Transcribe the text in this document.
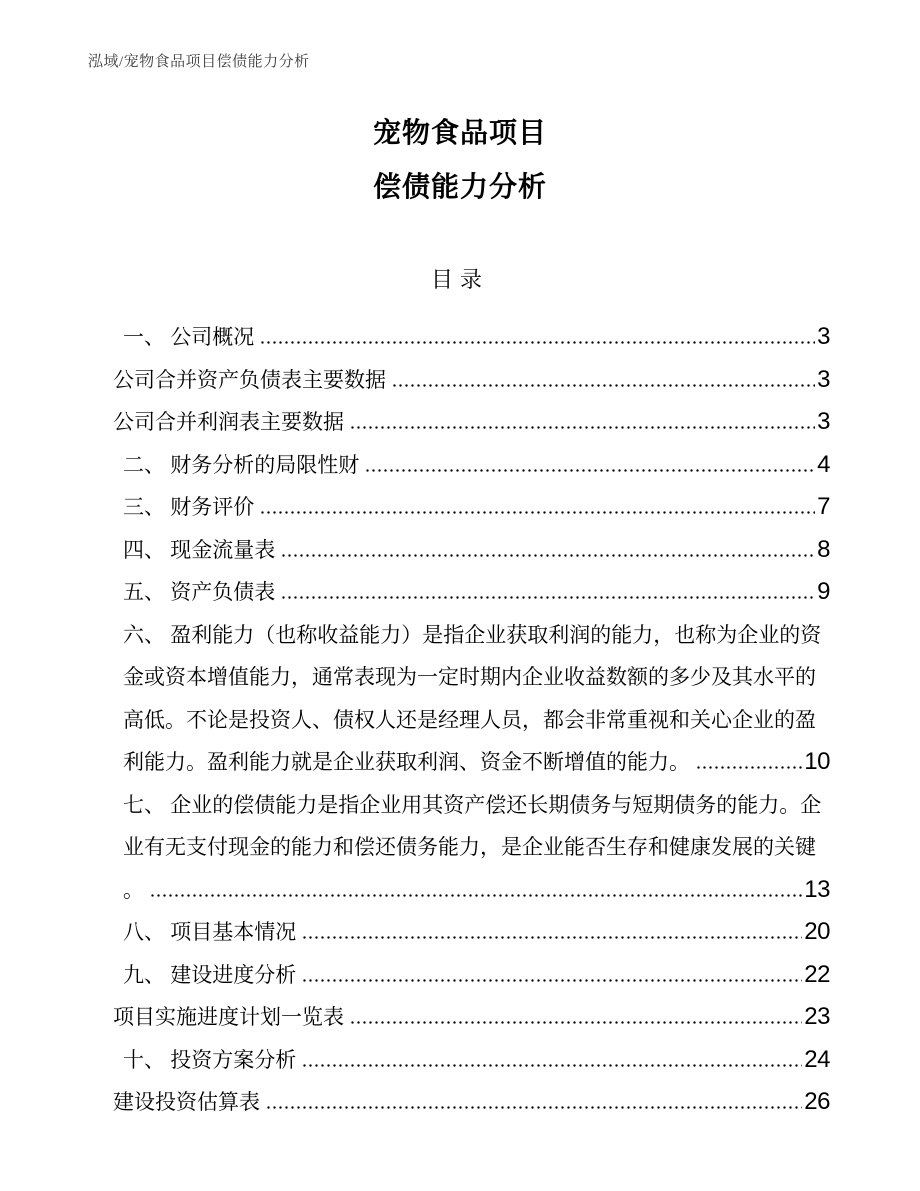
泓域/宠物食品项目偿债能力分析
宠物食品项目
偿债能力分析
目录
一、 公司概况	3
公司合并资产负债表主要数据	3
公司合并利润表主要数据	3
二、 财务分析的局限性财	4
三、 财务评价	7
四、 现金流量表	8
五、 资产负债表	9
六、 盈利能力（也称收益能力）是指企业获取利润的能力，也称为企业的资
金或资本增值能力，通常表现为一定时期内企业收益数额的多少及其水平的
高低。不论是投资人、债权人还是经理人员，都会非常重视和关心企业的盈
利能力。盈利能力就是企业获取利润、资金不断增值的能力。	10
七、 企业的偿债能力是指企业用其资产偿还长期债务与短期债务的能力。企
业有无支付现金的能力和偿还债务能力，是企业能否生存和健康发展的关键
。	13
八、 项目基本情况	20
九、 建设进度分析	22
项目实施进度计划一览表	23
十、 投资方案分析	24
建设投资估算表	26
